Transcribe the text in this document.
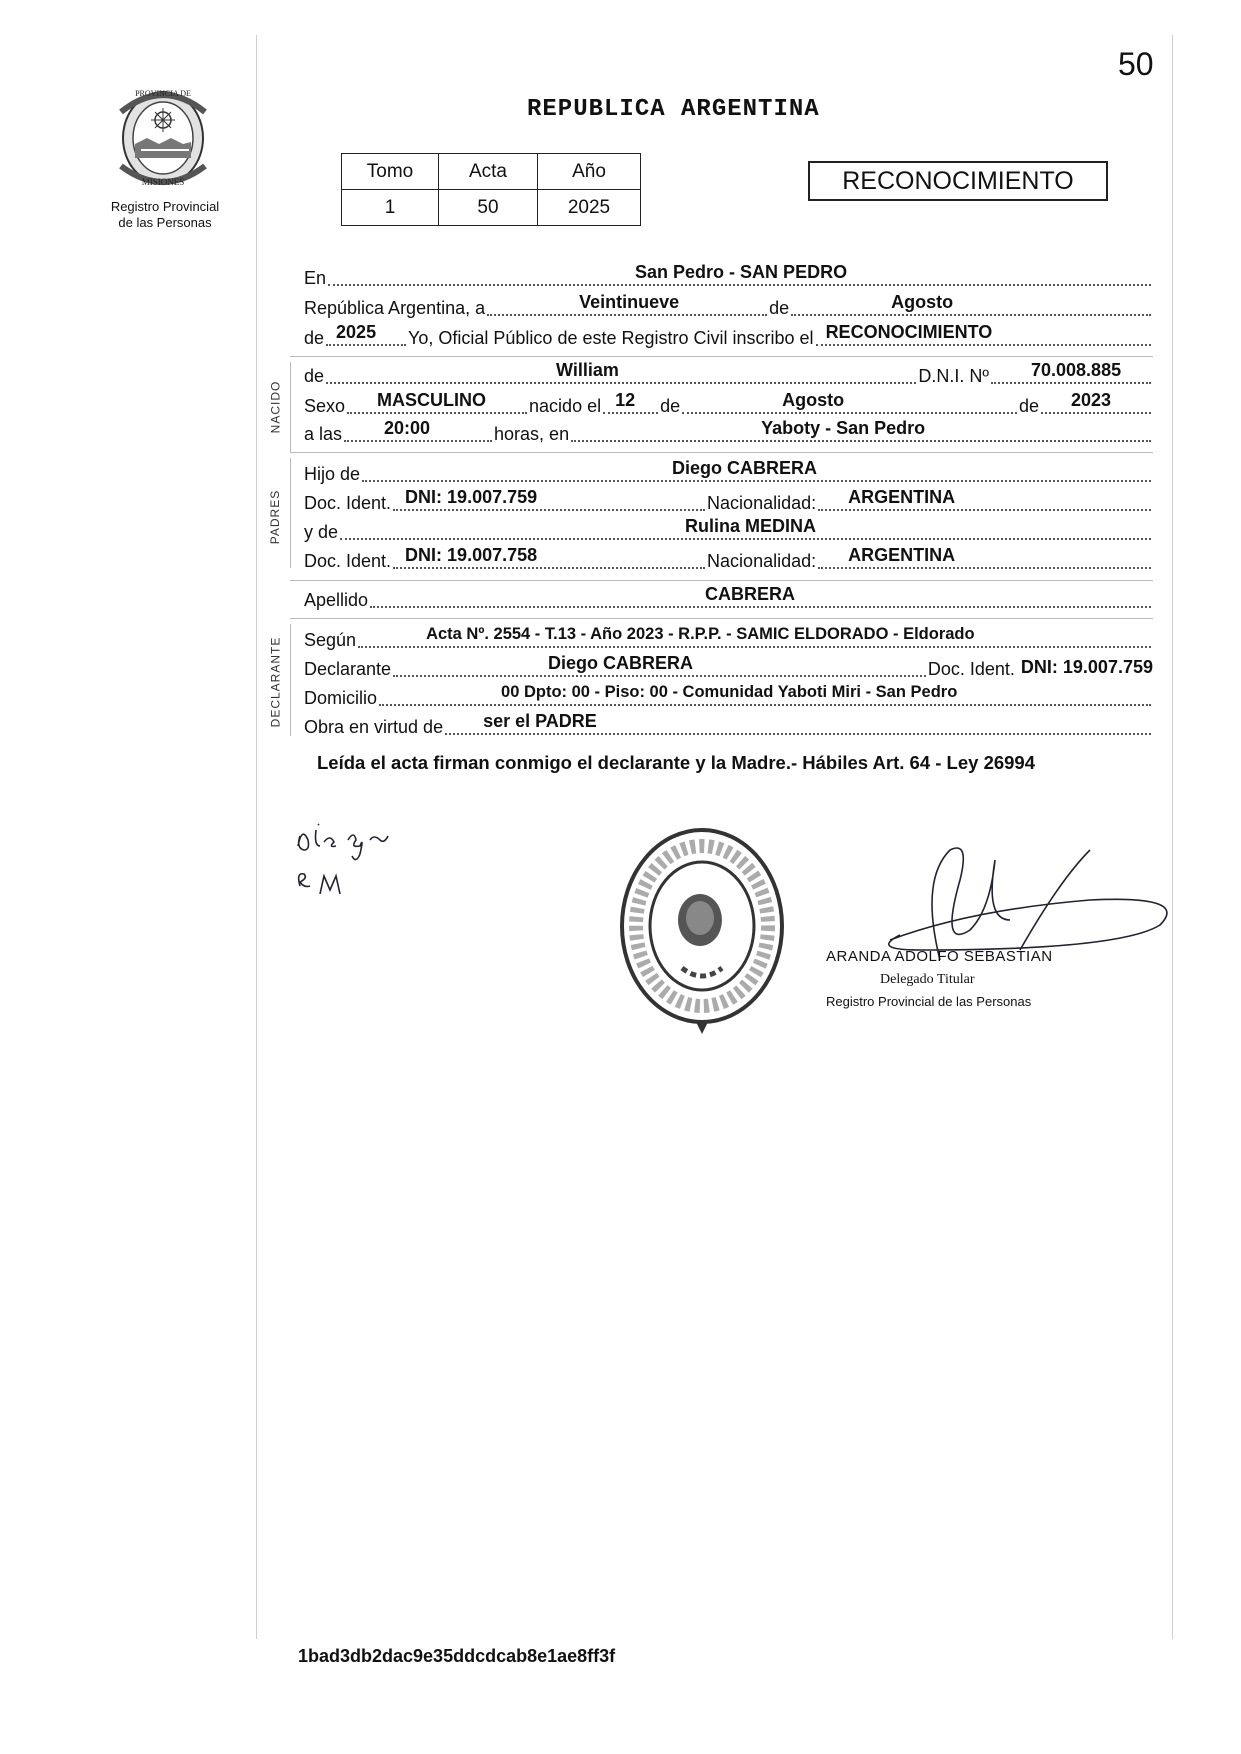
50
PROVINCIA DE
MISIONES
Registro Provincial
de las Personas
REPUBLICA ARGENTINA
Tomo	Acta	Año
1	50	2025
RECONOCIMIENTO
En	San Pedro - SAN PEDRO
República Argentina, a	Veintinueve	de	Agosto
de 2025 Yo, Oficial Público de este Registro Civil inscribo el RECONOCIMIENTO
NACIDO
de	William	D.N.I. Nº 70.008.885
Sexo MASCULINO nacido el 12 de	Agosto	de 2023
a las 20:00	horas, en	Yaboty - San Pedro
PADRES
Hijo de	Diego CABRERA
Doc. Ident. DNI: 19.007.759	Nacionalidad: ARGENTINA
y de	Rulina MEDINA
Doc. Ident. DNI: 19.007.758	Nacionalidad: ARGENTINA
Apellido	CABRERA
DECLARANTE Según	Acta Nº. 2554 - T.13 - Año 2023 - R.P.P. - SAMIC ELDORADO - Eldorado
Declarante	Diego CABRERA	Doc. Ident. DNI: 19.007.759
Domicilio	00 Dpto: 00 - Piso: 00 - Comunidad Yaboti Miri - San Pedro
Obra en virtud de ser el PADRE
Leída el acta firman conmigo el declarante y la Madre.- Hábiles Art. 64 - Ley 26994
ARANDA ADOLFO SEBASTIAN
Delegado Titular
Registro Provincial de las Personas
1bad3db2dac9e35ddcdcab8e1ae8ff3f
